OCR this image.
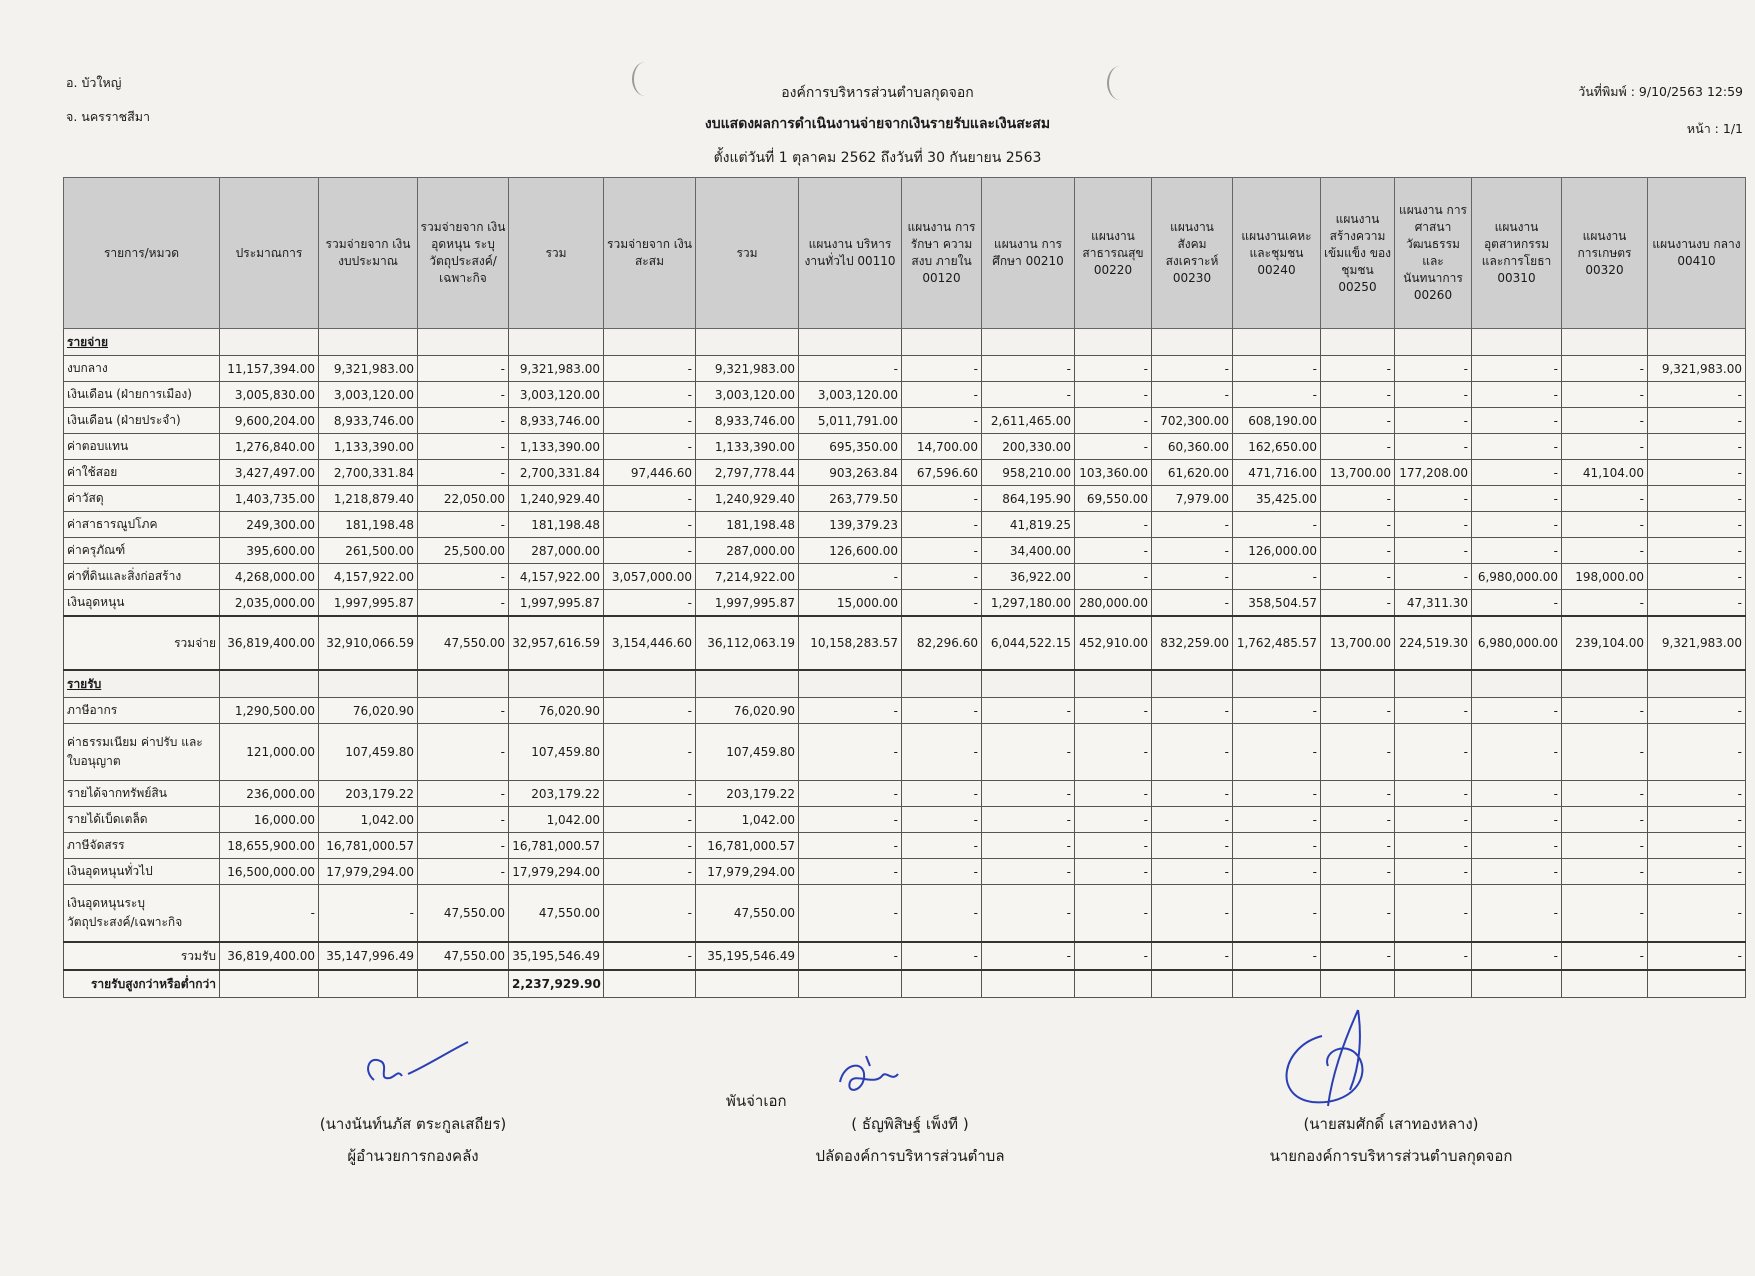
อ. บัวใหญ่
จ. นครราชสีมา
องค์การบริหารส่วนตำบลกุดจอก
งบแสดงผลการดำเนินงานจ่ายจากเงินรายรับและเงินสะสม
ตั้งแต่วันที่ 1 ตุลาคม 2562 ถึงวันที่ 30 กันยายน 2563
วันที่พิมพ์ : 9/10/2563 12:59
หน้า : 1/1
รายการ/หมวด	ประมาณการ	รวมจ่ายจาก เงินงบประมาณ	รวมจ่ายจาก เงินอุดหนุน ระบุ วัตถุประสงค์/ เฉพาะกิจ	รวม	รวมจ่ายจาก เงินสะสม	รวม	แผนงาน บริหารงานทั่วไป 00110	แผนงาน การรักษา ความสงบ ภายใน 00120	แผนงาน การศึกษา 00210	แผนงาน สาธารณสุข 00220	แผนงาน สังคม สงเคราะห์ 00230	แผนงานเคหะ และชุมชน 00240	แผนงาน สร้างความ เข้มแข็ง ของชุมชน 00250	แผนงาน การศาสนา วัฒนธรรม และ นันทนาการ 00260	แผนงาน อุตสาหกรรม และการโยธา 00310	แผนงาน การเกษตร 00320	แผนงานงบ กลาง 00410
รายจ่าย																	
งบกลาง	11,157,394.00	9,321,983.00	-	9,321,983.00	-	9,321,983.00	-	-	-	-	-	-	-	-	-	-	9,321,983.00
เงินเดือน (ฝ่ายการเมือง)	3,005,830.00	3,003,120.00	-	3,003,120.00	-	3,003,120.00	3,003,120.00	-	-	-	-	-	-	-	-	-	-
เงินเดือน (ฝ่ายประจำ)	9,600,204.00	8,933,746.00	-	8,933,746.00	-	8,933,746.00	5,011,791.00	-	2,611,465.00	-	702,300.00	608,190.00	-	-	-	-	-
ค่าตอบแทน	1,276,840.00	1,133,390.00	-	1,133,390.00	-	1,133,390.00	695,350.00	14,700.00	200,330.00	-	60,360.00	162,650.00	-	-	-	-	-
ค่าใช้สอย	3,427,497.00	2,700,331.84	-	2,700,331.84	97,446.60	2,797,778.44	903,263.84	67,596.60	958,210.00	103,360.00	61,620.00	471,716.00	13,700.00	177,208.00	-	41,104.00	-
ค่าวัสดุ	1,403,735.00	1,218,879.40	22,050.00	1,240,929.40	-	1,240,929.40	263,779.50	-	864,195.90	69,550.00	7,979.00	35,425.00	-	-	-	-	-
ค่าสาธารณูปโภค	249,300.00	181,198.48	-	181,198.48	-	181,198.48	139,379.23	-	41,819.25	-	-	-	-	-	-	-	-
ค่าครุภัณฑ์	395,600.00	261,500.00	25,500.00	287,000.00	-	287,000.00	126,600.00	-	34,400.00	-	-	126,000.00	-	-	-	-	-
ค่าที่ดินและสิ่งก่อสร้าง	4,268,000.00	4,157,922.00	-	4,157,922.00	3,057,000.00	7,214,922.00	-	-	36,922.00	-	-	-	-	-	6,980,000.00	198,000.00	-
เงินอุดหนุน	2,035,000.00	1,997,995.87	-	1,997,995.87	-	1,997,995.87	15,000.00	-	1,297,180.00	280,000.00	-	358,504.57	-	47,311.30	-	-	-
รวมจ่าย	36,819,400.00	32,910,066.59	47,550.00	32,957,616.59	3,154,446.60	36,112,063.19	10,158,283.57	82,296.60	6,044,522.15	452,910.00	832,259.00	1,762,485.57	13,700.00	224,519.30	6,980,000.00	239,104.00	9,321,983.00
รายรับ																	
ภาษีอากร	1,290,500.00	76,020.90	-	76,020.90	-	76,020.90	-	-	-	-	-	-	-	-	-	-	-
ค่าธรรมเนียม ค่าปรับ และ ใบอนุญาต	121,000.00	107,459.80	-	107,459.80	-	107,459.80	-	-	-	-	-	-	-	-	-	-	-
รายได้จากทรัพย์สิน	236,000.00	203,179.22	-	203,179.22	-	203,179.22	-	-	-	-	-	-	-	-	-	-	-
รายได้เบ็ดเตล็ด	16,000.00	1,042.00	-	1,042.00	-	1,042.00	-	-	-	-	-	-	-	-	-	-	-
ภาษีจัดสรร	18,655,900.00	16,781,000.57	-	16,781,000.57	-	16,781,000.57	-	-	-	-	-	-	-	-	-	-	-
เงินอุดหนุนทั่วไป	16,500,000.00	17,979,294.00	-	17,979,294.00	-	17,979,294.00	-	-	-	-	-	-	-	-	-	-	-
เงินอุดหนุนระบุ วัตถุประสงค์/เฉพาะกิจ	-	-	47,550.00	47,550.00	-	47,550.00	-	-	-	-	-	-	-	-	-	-	-
รวมรับ	36,819,400.00	35,147,996.49	47,550.00	35,195,546.49	-	35,195,546.49	-	-	-	-	-	-	-	-	-	-	-
รายรับสูงกว่าหรือต่ำกว่า				2,237,929.90													
(นางนันท์นภัส ตระกูลเสถียร)
ผู้อำนวยการกองคลัง
พันจ่าเอก
( ธัญพิสิษฐ์ เพ็งที )
ปลัดองค์การบริหารส่วนตำบล
(นายสมศักดิ์ เสาทองหลาง)
นายกองค์การบริหารส่วนตำบลกุดจอก
